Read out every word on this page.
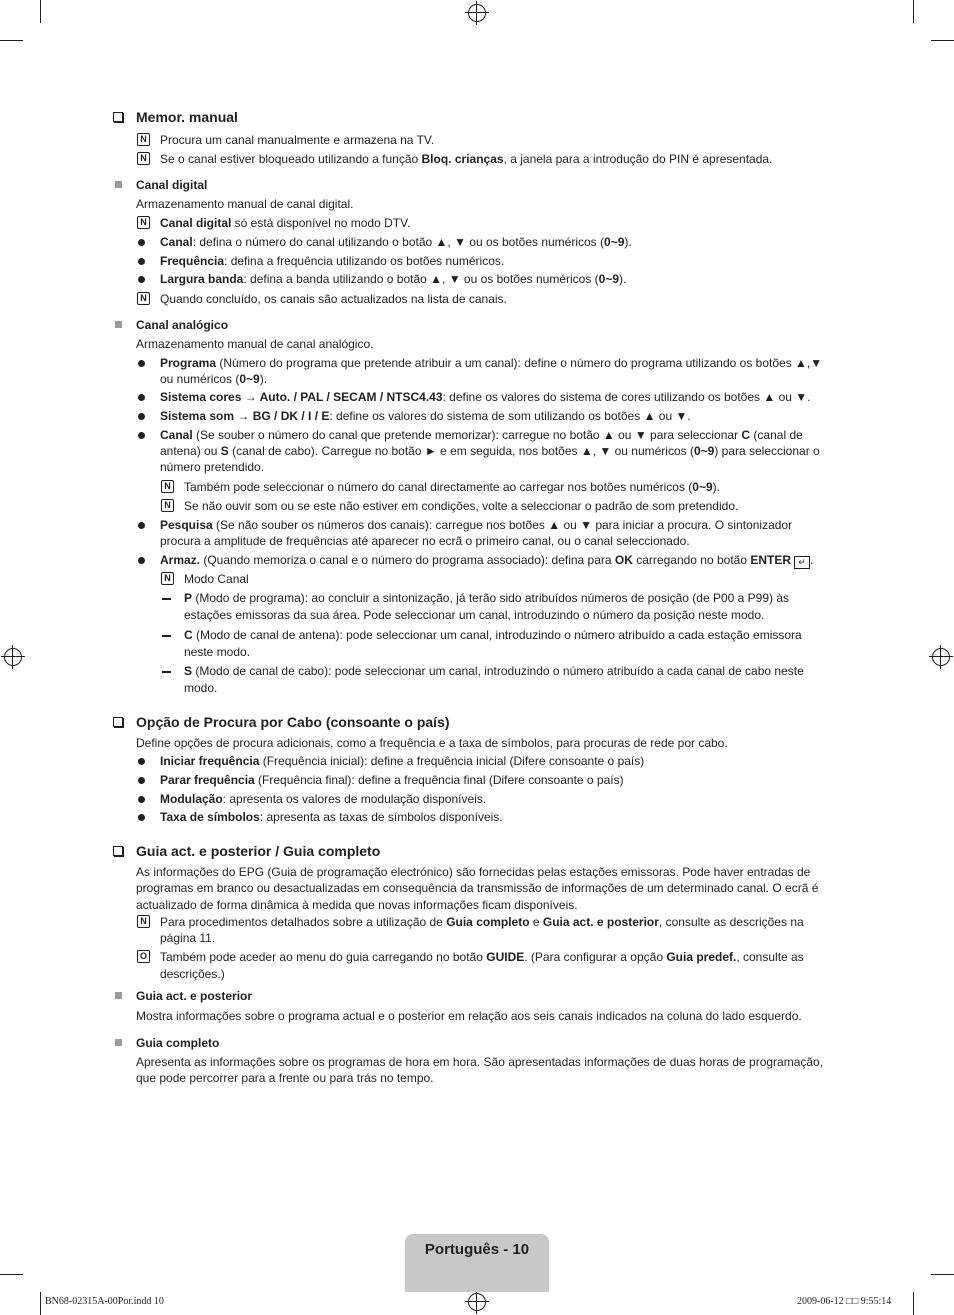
Memor. manual
N Procura um canal manualmente e armazena na TV.
N Se o canal estiver bloqueado utilizando a função Bloq. crianças, a janela para a introdução do PIN é apresentada.
Canal digital
Armazenamento manual de canal digital.
N Canal digital só está disponível no modo DTV.
Canal: defina o número do canal utilizando o botão ▲, ▼ ou os botões numéricos (0~9).
Frequência: defina a frequência utilizando os botões numéricos.
Largura banda: defina a banda utilizando o botão ▲, ▼ ou os botões numéricos (0~9).
N Quando concluído, os canais são actualizados na lista de canais.
Canal analógico
Armazenamento manual de canal analógico.
Programa (Número do programa que pretende atribuir a um canal): define o número do programa utilizando os botões ▲,▼
ou numéricos (0~9).
Sistema cores → Auto. / PAL / SECAM / NTSC4.43: define os valores do sistema de cores utilizando os botões ▲ ou ▼.
Sistema som → BG / DK / I / E: define os valores do sistema de som utilizando os botões ▲ ou ▼.
Canal (Se souber o número do canal que pretende memorizar): carregue no botão ▲ ou ▼ para seleccionar C (canal de
antena) ou S (canal de cabo). Carregue no botão ► e em seguida, nos botões ▲, ▼ ou numéricos (0~9) para seleccionar o
número pretendido.
N Também pode seleccionar o número do canal directamente ao carregar nos botões numéricos (0~9).
N Se não ouvir som ou se este não estiver em condições, volte a seleccionar o padrão de som pretendido.
Pesquisa (Se não souber os números dos canais): carregue nos botões ▲ ou ▼ para iniciar a procura. O sintonizador
procura a amplitude de frequências até aparecer no ecrã o primeiro canal, ou o canal seleccionado.
Armaz. (Quando memoriza o canal e o número do programa associado): defina para OK carregando no botão ENTER ↵ .
N Modo Canal
P (Modo de programa): ao concluir a sintonização, já terão sido atribuídos números de posição (de P00 a P99) às
estações emissoras da sua área. Pode seleccionar um canal, introduzindo o número da posição neste modo.
C (Modo de canal de antena): pode seleccionar um canal, introduzindo o número atribuído a cada estação emissora
neste modo.
S (Modo de canal de cabo): pode seleccionar um canal, introduzindo o número atribuído a cada canal de cabo neste
modo.
Opção de Procura por Cabo (consoante o país)
Define opções de procura adicionais, como a frequência e a taxa de símbolos, para procuras de rede por cabo.
Iniciar frequência (Frequência inicial): define a frequência inicial (Difere consoante o país)
Parar frequência (Frequência final): define a frequência final (Difere consoante o país)
Modulação: apresenta os valores de modulação disponíveis.
Taxa de símbolos: apresenta as taxas de símbolos disponíveis.
Guia act. e posterior / Guia completo
As informações do EPG (Guia de programação electrónico) são fornecidas pelas estações emissoras. Pode haver entradas de
programas em branco ou desactualizadas em consequência da transmissão de informações de um determinado canal. O ecrã é
actualizado de forma dinâmica à medida que novas informações ficam disponíveis.
N Para procedimentos detalhados sobre a utilização de Guia completo e Guia act. e posterior, consulte as descrições na
página 11.
O Também pode aceder ao menu do guia carregando no botão GUIDE. (Para configurar a opção Guia predef., consulte as
descrições.)
Guia act. e posterior
Mostra informações sobre o programa actual e o posterior em relação aos seis canais indicados na coluna do lado esquerdo.
Guia completo
Apresenta as informações sobre os programas de hora em hora. São apresentadas informações de duas horas de programação,
que pode percorrer para a frente ou para trás no tempo.
Português - 10
BN68-02315A-00Por.indd 10	2009-06-12 □□ 9:55:14
